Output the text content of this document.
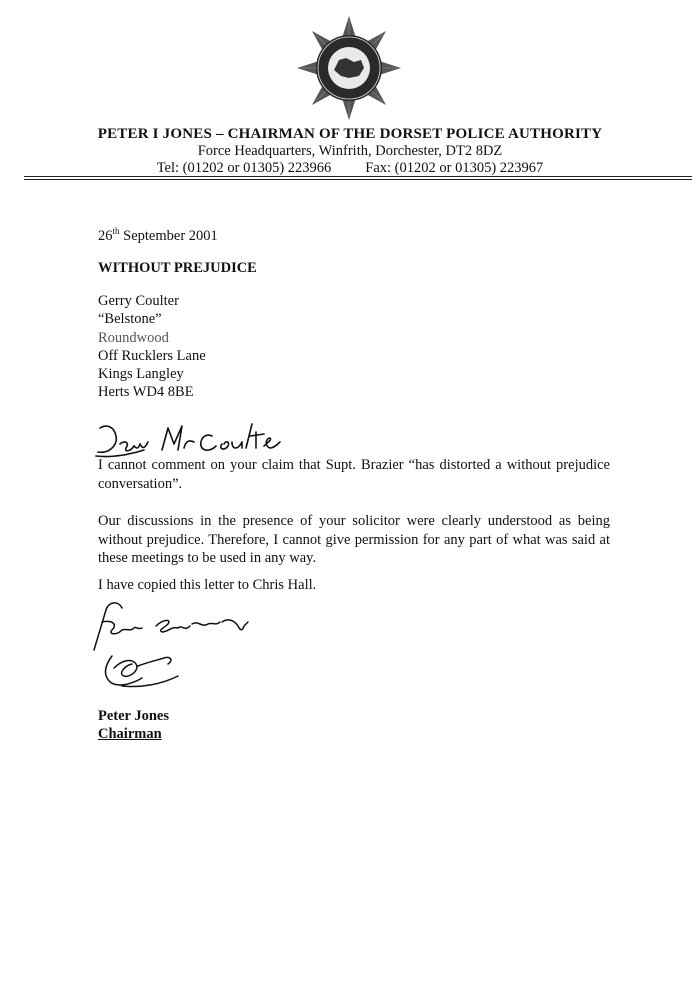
PETER I JONES – CHAIRMAN OF THE DORSET POLICE AUTHORITY
Force Headquarters, Winfrith, Dorchester, DT2 8DZ
Tel: (01202 or 01305) 223966 Fax: (01202 or 01305) 223967
26th September 2001
WITHOUT PREJUDICE
Gerry Coulter
“Belstone”
Roundwood
Off Rucklers Lane
Kings Langley
Herts WD4 8BE
I cannot comment on your claim that Supt. Brazier “has distorted a without prejudice conversation”.
Our discussions in the presence of your solicitor were clearly understood as being without prejudice. Therefore, I cannot give permission for any part of what was said at these meetings to be used in any way.
I have copied this letter to Chris Hall.
Peter Jones
Chairman
